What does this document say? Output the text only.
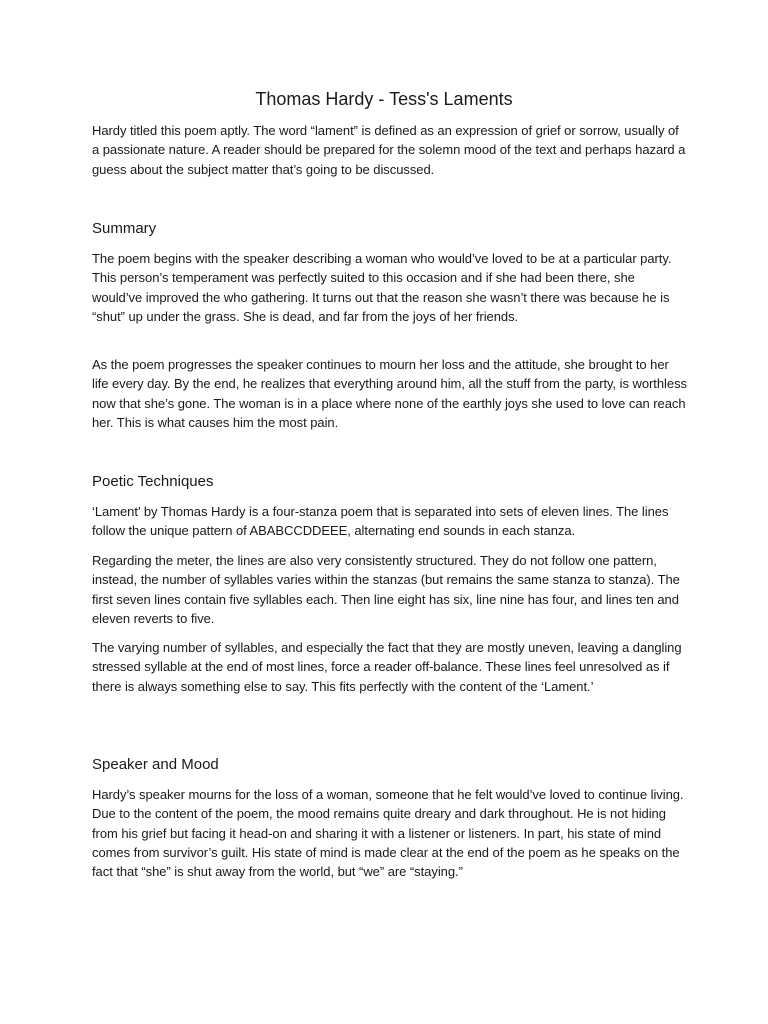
Thomas Hardy - Tess's Laments

Hardy titled this poem aptly. The word “lament” is defined as an expression of grief or sorrow, usually of a passionate nature. A reader should be prepared for the solemn mood of the text and perhaps hazard a guess about the subject matter that’s going to be discussed.

Summary

The poem begins with the speaker describing a woman who would’ve loved to be at a particular party. This person’s temperament was perfectly suited to this occasion and if she had been there, she would’ve improved the who gathering. It turns out that the reason she wasn’t there was because he is “shut” up under the grass. She is dead, and far from the joys of her friends.

As the poem progresses the speaker continues to mourn her loss and the attitude, she brought to her life every day. By the end, he realizes that everything around him, all the stuff from the party, is worthless now that she’s gone. The woman is in a place where none of the earthly joys she used to love can reach her. This is what causes him the most pain.

Poetic Techniques

‘Lament’ by Thomas Hardy is a four-stanza poem that is separated into sets of eleven lines. The lines follow the unique pattern of ABABCCDDEEE, alternating end sounds in each stanza.

Regarding the meter, the lines are also very consistently structured. They do not follow one pattern, instead, the number of syllables varies within the stanzas (but remains the same stanza to stanza). The first seven lines contain five syllables each. Then line eight has six, line nine has four, and lines ten and eleven reverts to five.

The varying number of syllables, and especially the fact that they are mostly uneven, leaving a dangling stressed syllable at the end of most lines, force a reader off-balance. These lines feel unresolved as if there is always something else to say. This fits perfectly with the content of the ‘Lament.’

Speaker and Mood

Hardy’s speaker mourns for the loss of a woman, someone that he felt would’ve loved to continue living. Due to the content of the poem, the mood remains quite dreary and dark throughout. He is not hiding from his grief but facing it head-on and sharing it with a listener or listeners. In part, his state of mind comes from survivor’s guilt. His state of mind is made clear at the end of the poem as he speaks on the fact that “she” is shut away from the world, but “we” are “staying.”
